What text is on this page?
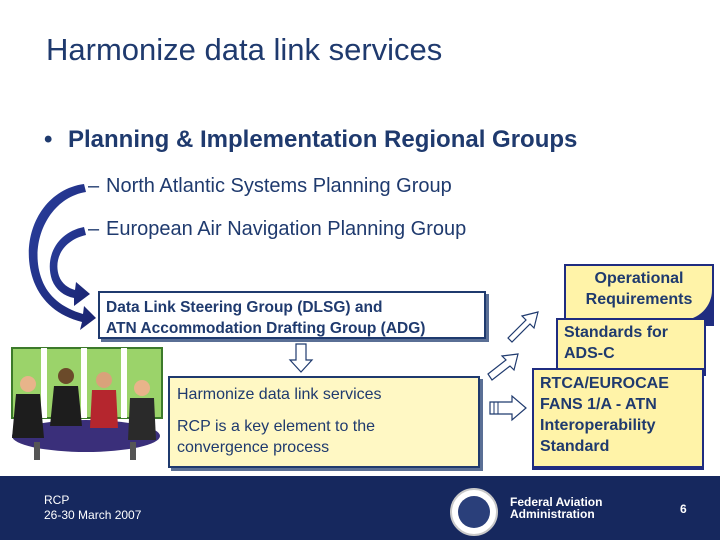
Harmonize data link services
• Planning & Implementation Regional Groups
– North Atlantic Systems Planning Group
– European Air Navigation Planning Group
Data Link Steering Group (DLSG) and
ATN Accommodation Drafting Group (ADG)
Harmonize data link services
RCP is a key element to the
convergence process
Operational
Requirements
Standards for
ADS-C
RTCA/EUROCAE
FANS 1/A - ATN
Interoperability
Standard
RCP
26-30 March 2007
Federal Aviation
Administration	6
